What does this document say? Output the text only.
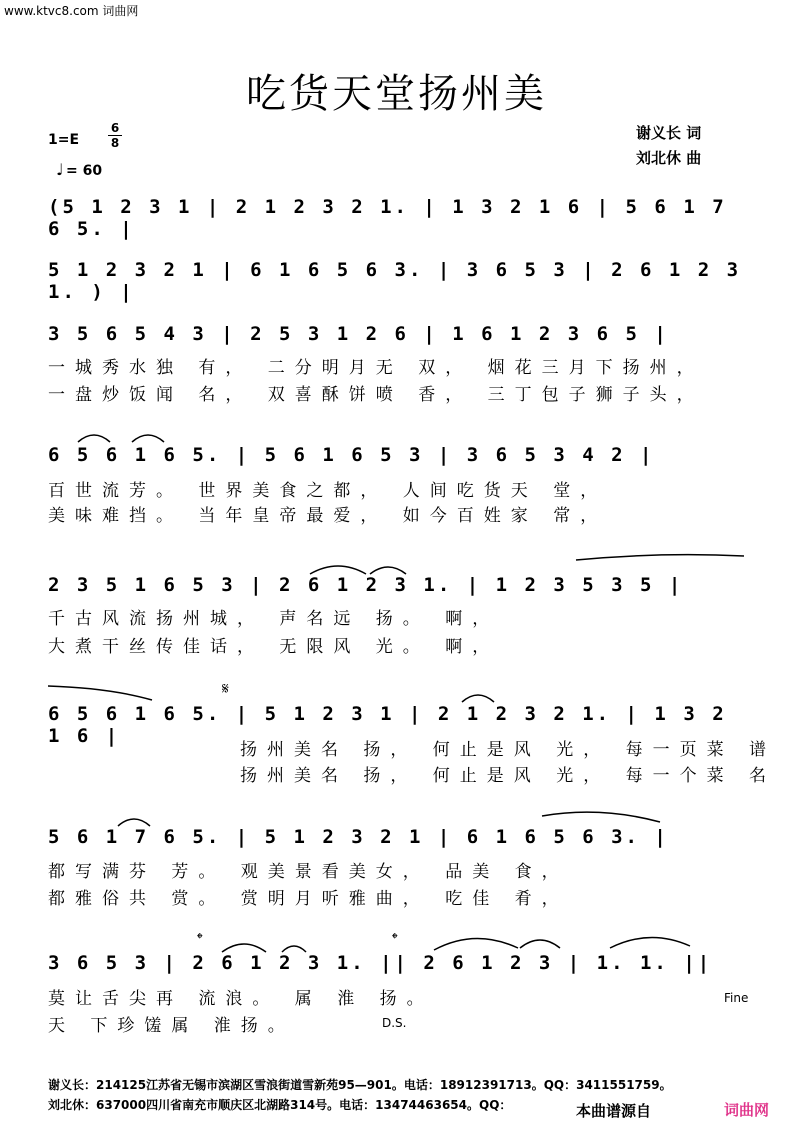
www.ktvc8.com 词曲网
吃货天堂扬州美
谢义长 词
刘北休 曲
$1=E \frac{6}{8}$
♩ = 60
(5 1 2 3 1 | 2 1 2 3 2 1. | 1 3 2 1 6 | 5 6 1 7 6 5. |
5 1 2 3 2 1 | 6 1 6 5 6 3. | 3 6 5 3 | 2 6 1 2 3 1. ) |
3 5 6 5 4 3 | 2 5 3 1 2 6 | 1 6 1 2 3 6 5 |
一城秀水独 有， 二分明月无 双， 烟花三月下扬州，
一盘炒饭闻 名， 双喜酥饼喷 香， 三丁包子狮子头，
6 5 6 1 6 5. | 5 6 1 6 5 3 | 3 6 5 3 4 2 |
百世流芳。 世界美食之都， 人间吃货天 堂，
美味难挡。 当年皇帝最爱， 如今百姓家 常，
2 3 5 1 6 5 3 | 2 6 1 2 3 1. | 1 2 3 5 3 5 |
千古风流扬州城， 声名远 扬。 啊，
大煮干丝传佳话， 无限风 光。 啊，
6 5 6 1 6 5. | 5 1 2 3 1 | 2 1 2 3 2 1. | 1 3 2 1 6 |
𝄋
扬州美名 扬， 何止是风 光， 每一页菜 谱
扬州美名 扬， 何止是风 光， 每一个菜 名
5 6 1 7 6 5. | 5 1 2 3 2 1 | 6 1 6 5 6 3. |
都写满芬 芳。 观美景看美女， 品美 食，
都雅俗共 赏。 赏明月听雅曲， 吃佳 肴，
3 6 5 3 | 2 6 1 2 3 1. || 2 6 1 2 3 | 1. 1. ||
𝄌	𝄌
莫让舌尖再 流浪。 属 淮 扬。
天 下珍馐属 淮扬。	D.S.
Fine
谢义长：214125江苏省无锡市滨湖区雪浪街道雪新苑95—901。电话：18912391713。QQ：3411551759。
刘北休：637000四川省南充市顺庆区北湖路314号。电话：13474463654。QQ：	本曲谱源自	词曲网
